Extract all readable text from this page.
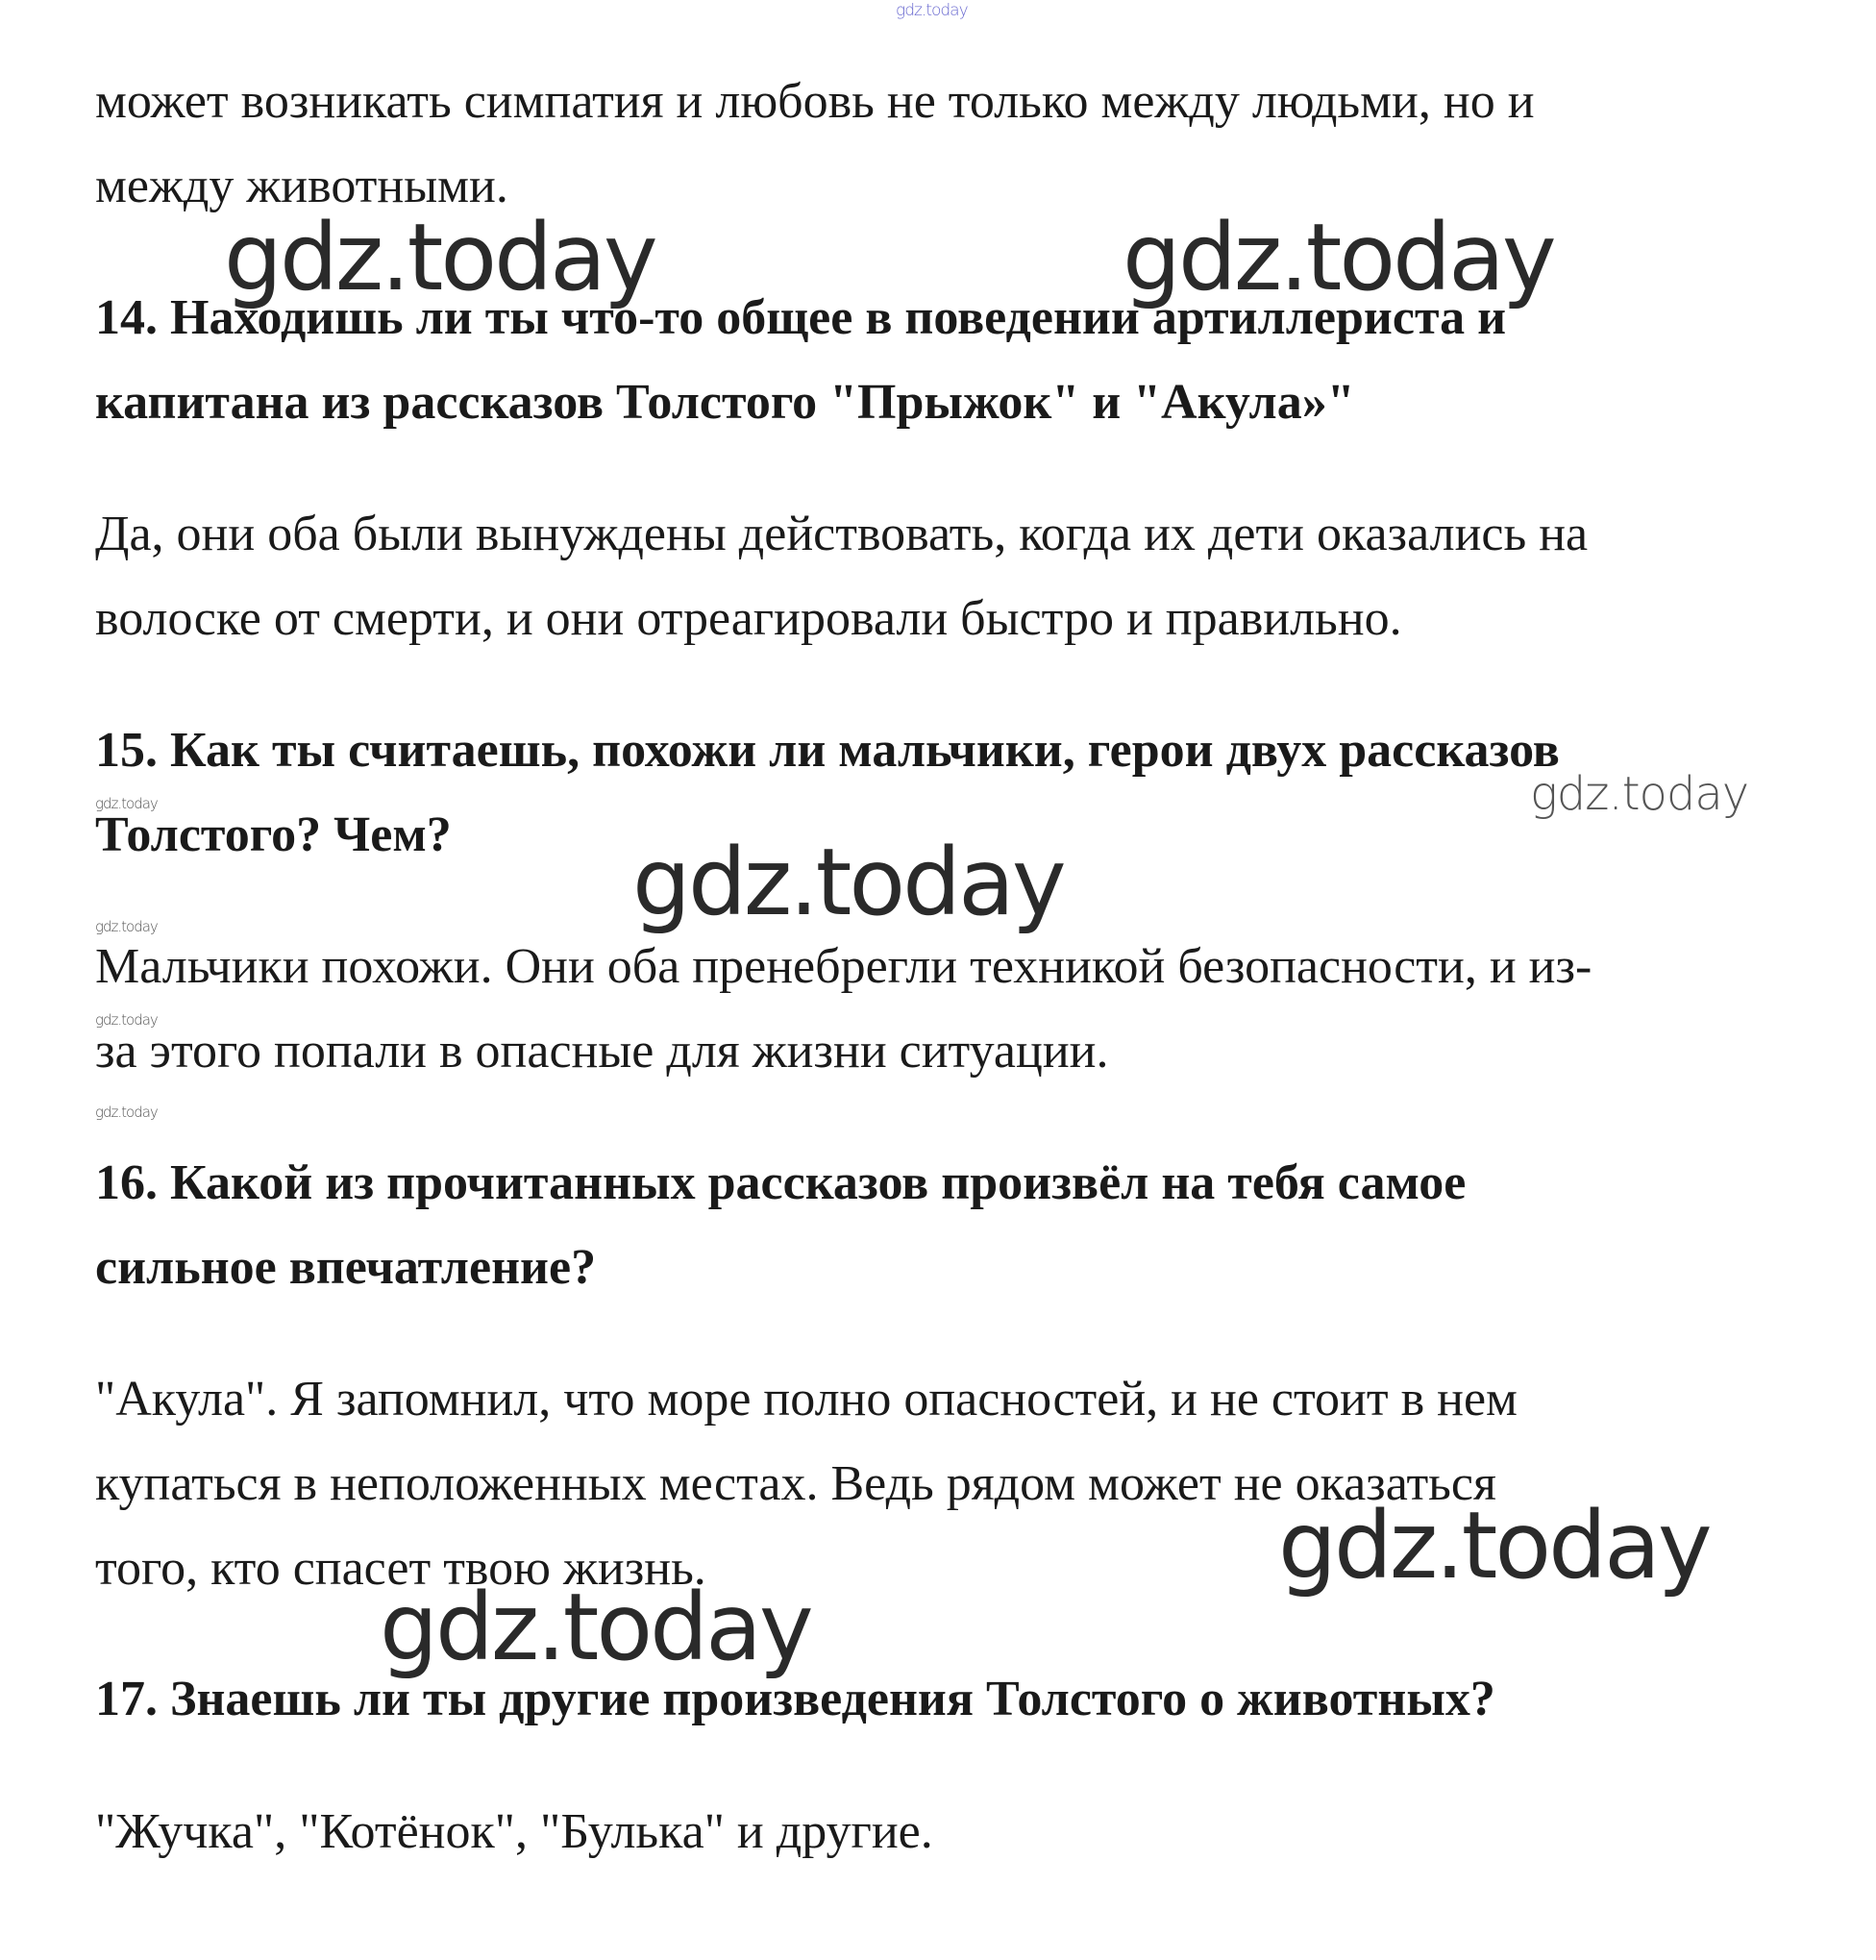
gdz.today

может возникать симпатия и любовь не только между людьми, но и
между животными.

14. Находишь ли ты что-то общее в поведении артиллериста и
капитана из рассказов Толстого "Прыжок" и "Акула»"

Да, они оба были вынуждены действовать, когда их дети оказались на
волоске от смерти, и они отреагировали быстро и правильно.

15. Как ты считаешь, похожи ли мальчики, герои двух рассказов
Толстого? Чем?

Мальчики похожи. Они оба пренебрегли техникой безопасности, и из-
за этого попали в опасные для жизни ситуации.

16. Какой из прочитанных рассказов произвёл на тебя самое
сильное впечатление?

"Акула". Я запомнил, что море полно опасностей, и не стоит в нем
купаться в неположенных местах. Ведь рядом может не оказаться
того, кто спасет твою жизнь.

17. Знаешь ли ты другие произведения Толстого о животных?

"Жучка", "Котёнок", "Булька" и другие.

gdz.today	gdz.today
gdz.today
gdz.today
gdz.today
gdz.today
gdz.today
gdz.today
gdz.today
gdz.today
